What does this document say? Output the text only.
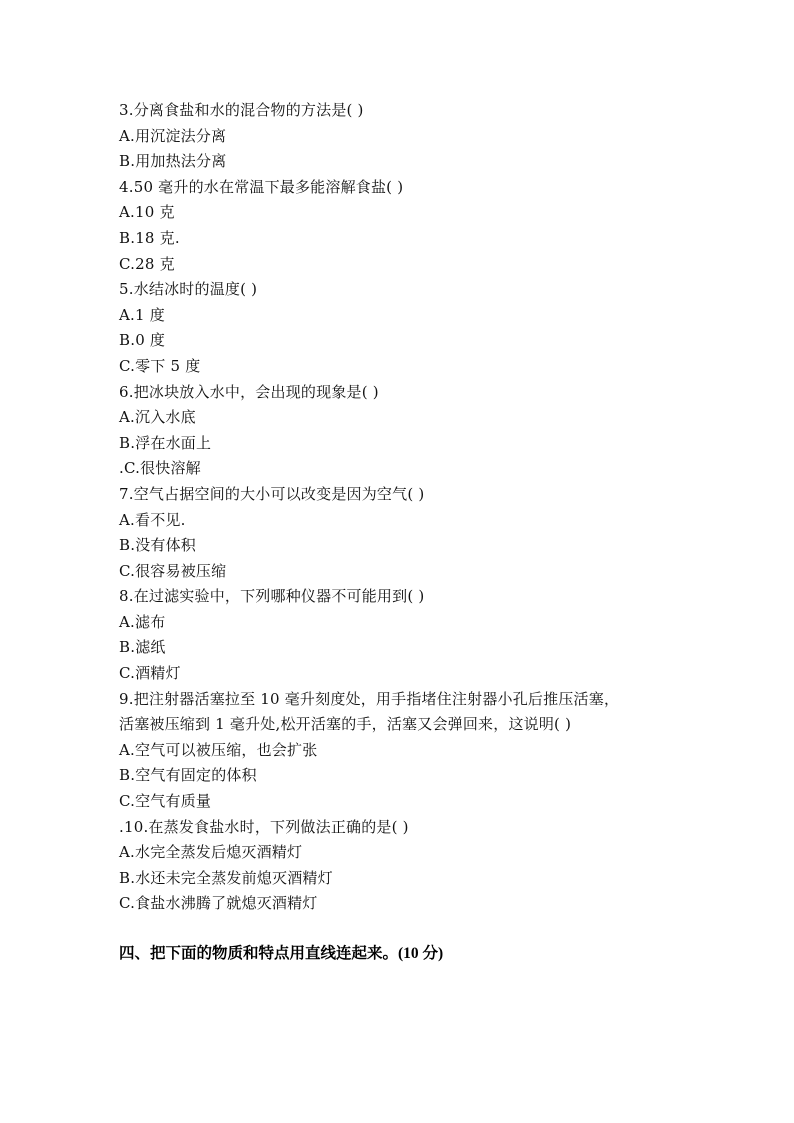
3.分离食盐和水的混合物的方法是( )
A.用沉淀法分离
B.用加热法分离
4.50 毫升的水在常温下最多能溶解食盐( )
A.10 克
B.18 克.
C.28 克
5.水结冰时的温度( )
A.1 度
B.0 度
C.零下 5 度
6.把冰块放入水中，会出现的现象是( )
A.沉入水底
B.浮在水面上
.C.很快溶解
7.空气占据空间的大小可以改变是因为空气( )
A.看不见.
B.没有体积
C.很容易被压缩
8.在过滤实验中，下列哪种仪器不可能用到( )
A.滤布
B.滤纸
C.酒精灯
9.把注射器活塞拉至 10 毫升刻度处，用手指堵住注射器小孔后推压活塞，
活塞被压缩到 1 毫升处,松开活塞的手，活塞又会弹回来，这说明( )
A.空气可以被压缩，也会扩张
B.空气有固定的体积
C.空气有质量
.10.在蒸发食盐水时，下列做法正确的是( )
A.水完全蒸发后熄灭酒精灯
B.水还未完全蒸发前熄灭酒精灯
C.食盐水沸腾了就熄灭酒精灯
四、把下面的物质和特点用直线连起来。(10 分)
